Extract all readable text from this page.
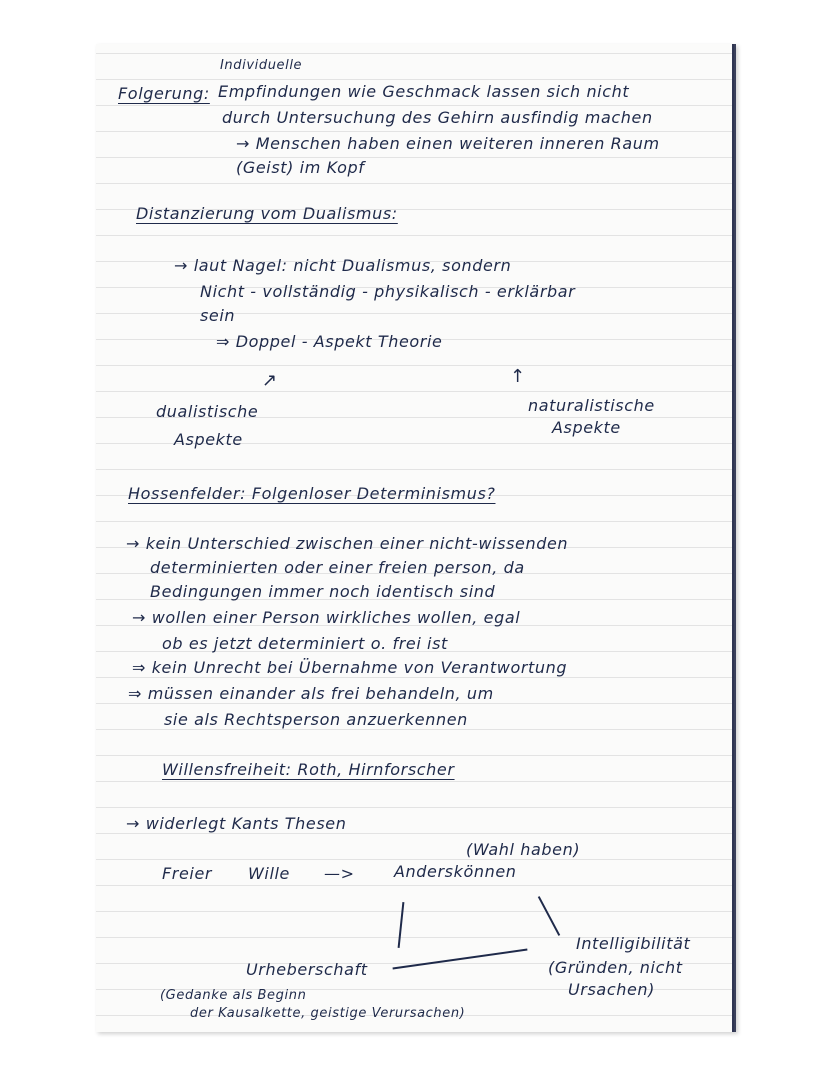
Individuelle
Folgerung: Empfindungen wie Geschmack lassen sich nicht
durch Untersuchung des Gehirn ausfindig machen
→ Menschen haben einen weiteren inneren Raum
(Geist) im Kopf
Distanzierung vom Dualismus:
→ laut Nagel: nicht Dualismus, sondern
Nicht - vollständig - physikalisch - erklärbar
sein
⇒ Doppel - Aspekt Theorie
↗	↑
dualistische
Aspekte
naturalistische
Aspekte
Hossenfelder: Folgenloser Determinismus?
→ kein Unterschied zwischen einer nicht-wissenden
determinierten oder einer freien person, da
Bedingungen immer noch identisch sind
→ wollen einer Person wirkliches wollen, egal
ob es jetzt determiniert o. frei ist
⇒ kein Unrecht bei Übernahme von Verantwortung
⇒ müssen einander als frei behandeln, um
sie als Rechtsperson anzuerkennen
Willensfreiheit: Roth, Hirnforscher
→ widerlegt Kants Thesen
(Wahl haben)
Freier Wille —> Anderskönnen
Intelligibilität
(Gründen, nicht
Ursachen)
Urheberschaft
(Gedanke als Beginn
der Kausalkette, geistige Verursachen)
